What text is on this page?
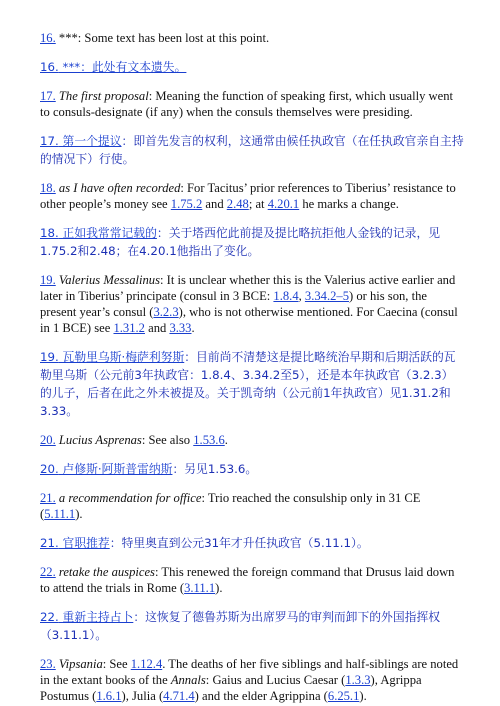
16. ***: Some text has been lost at this point.

16. ***：此处有文本遗失。

17. The first proposal: Meaning the function of speaking first, which usually went to consuls-designate (if any) when the consuls themselves were presiding.

17. 第一个提议：即首先发言的权利，这通常由候任执政官（在任执政官亲自主持的情况下）行使。

18. as I have often recorded: For Tacitus’ prior references to Tiberius’ resistance to other people’s money see 1.75.2 and 2.48; at 4.20.1 he marks a change.

18. 正如我常常记载的：关于塔西佗此前提及提比略抗拒他人金钱的记录，见1.75.2和2.48；在4.20.1他指出了变化。

19. Valerius Messalinus: It is unclear whether this is the Valerius active earlier and later in Tiberius’ principate (consul in 3 BCE: 1.8.4, 3.34.2–5) or his son, the present year’s consul (3.2.3), who is not otherwise mentioned. For Caecina (consul in 1 BCE) see 1.31.2 and 3.33.

19. 瓦勒里乌斯·梅萨利努斯：目前尚不清楚这是提比略统治早期和后期活跃的瓦勒里乌斯（公元前3年执政官：1.8.4、3.34.2至5），还是本年执政官（3.2.3）的儿子，后者在此之外未被提及。关于凯奇纳（公元前1年执政官）见1.31.2和3.33。

20. Lucius Asprenas: See also 1.53.6.

20. 卢修斯·阿斯普雷纳斯：另见1.53.6。

21. a recommendation for office: Trio reached the consulship only in 31 CE (5.11.1).

21. 官职推荐：特里奥直到公元31年才升任执政官（5.11.1）。

22. retake the auspices: This renewed the foreign command that Drusus laid down to attend the trials in Rome (3.11.1).

22. 重新主持占卜：这恢复了德鲁苏斯为出席罗马的审判而卸下的外国指挥权（3.11.1）。

23. Vipsania: See 1.12.4. The deaths of her five siblings and half-siblings are noted in the extant books of the Annals: Gaius and Lucius Caesar (1.3.3), Agrippa Postumus (1.6.1), Julia (4.71.4) and the elder Agrippina (6.25.1).
